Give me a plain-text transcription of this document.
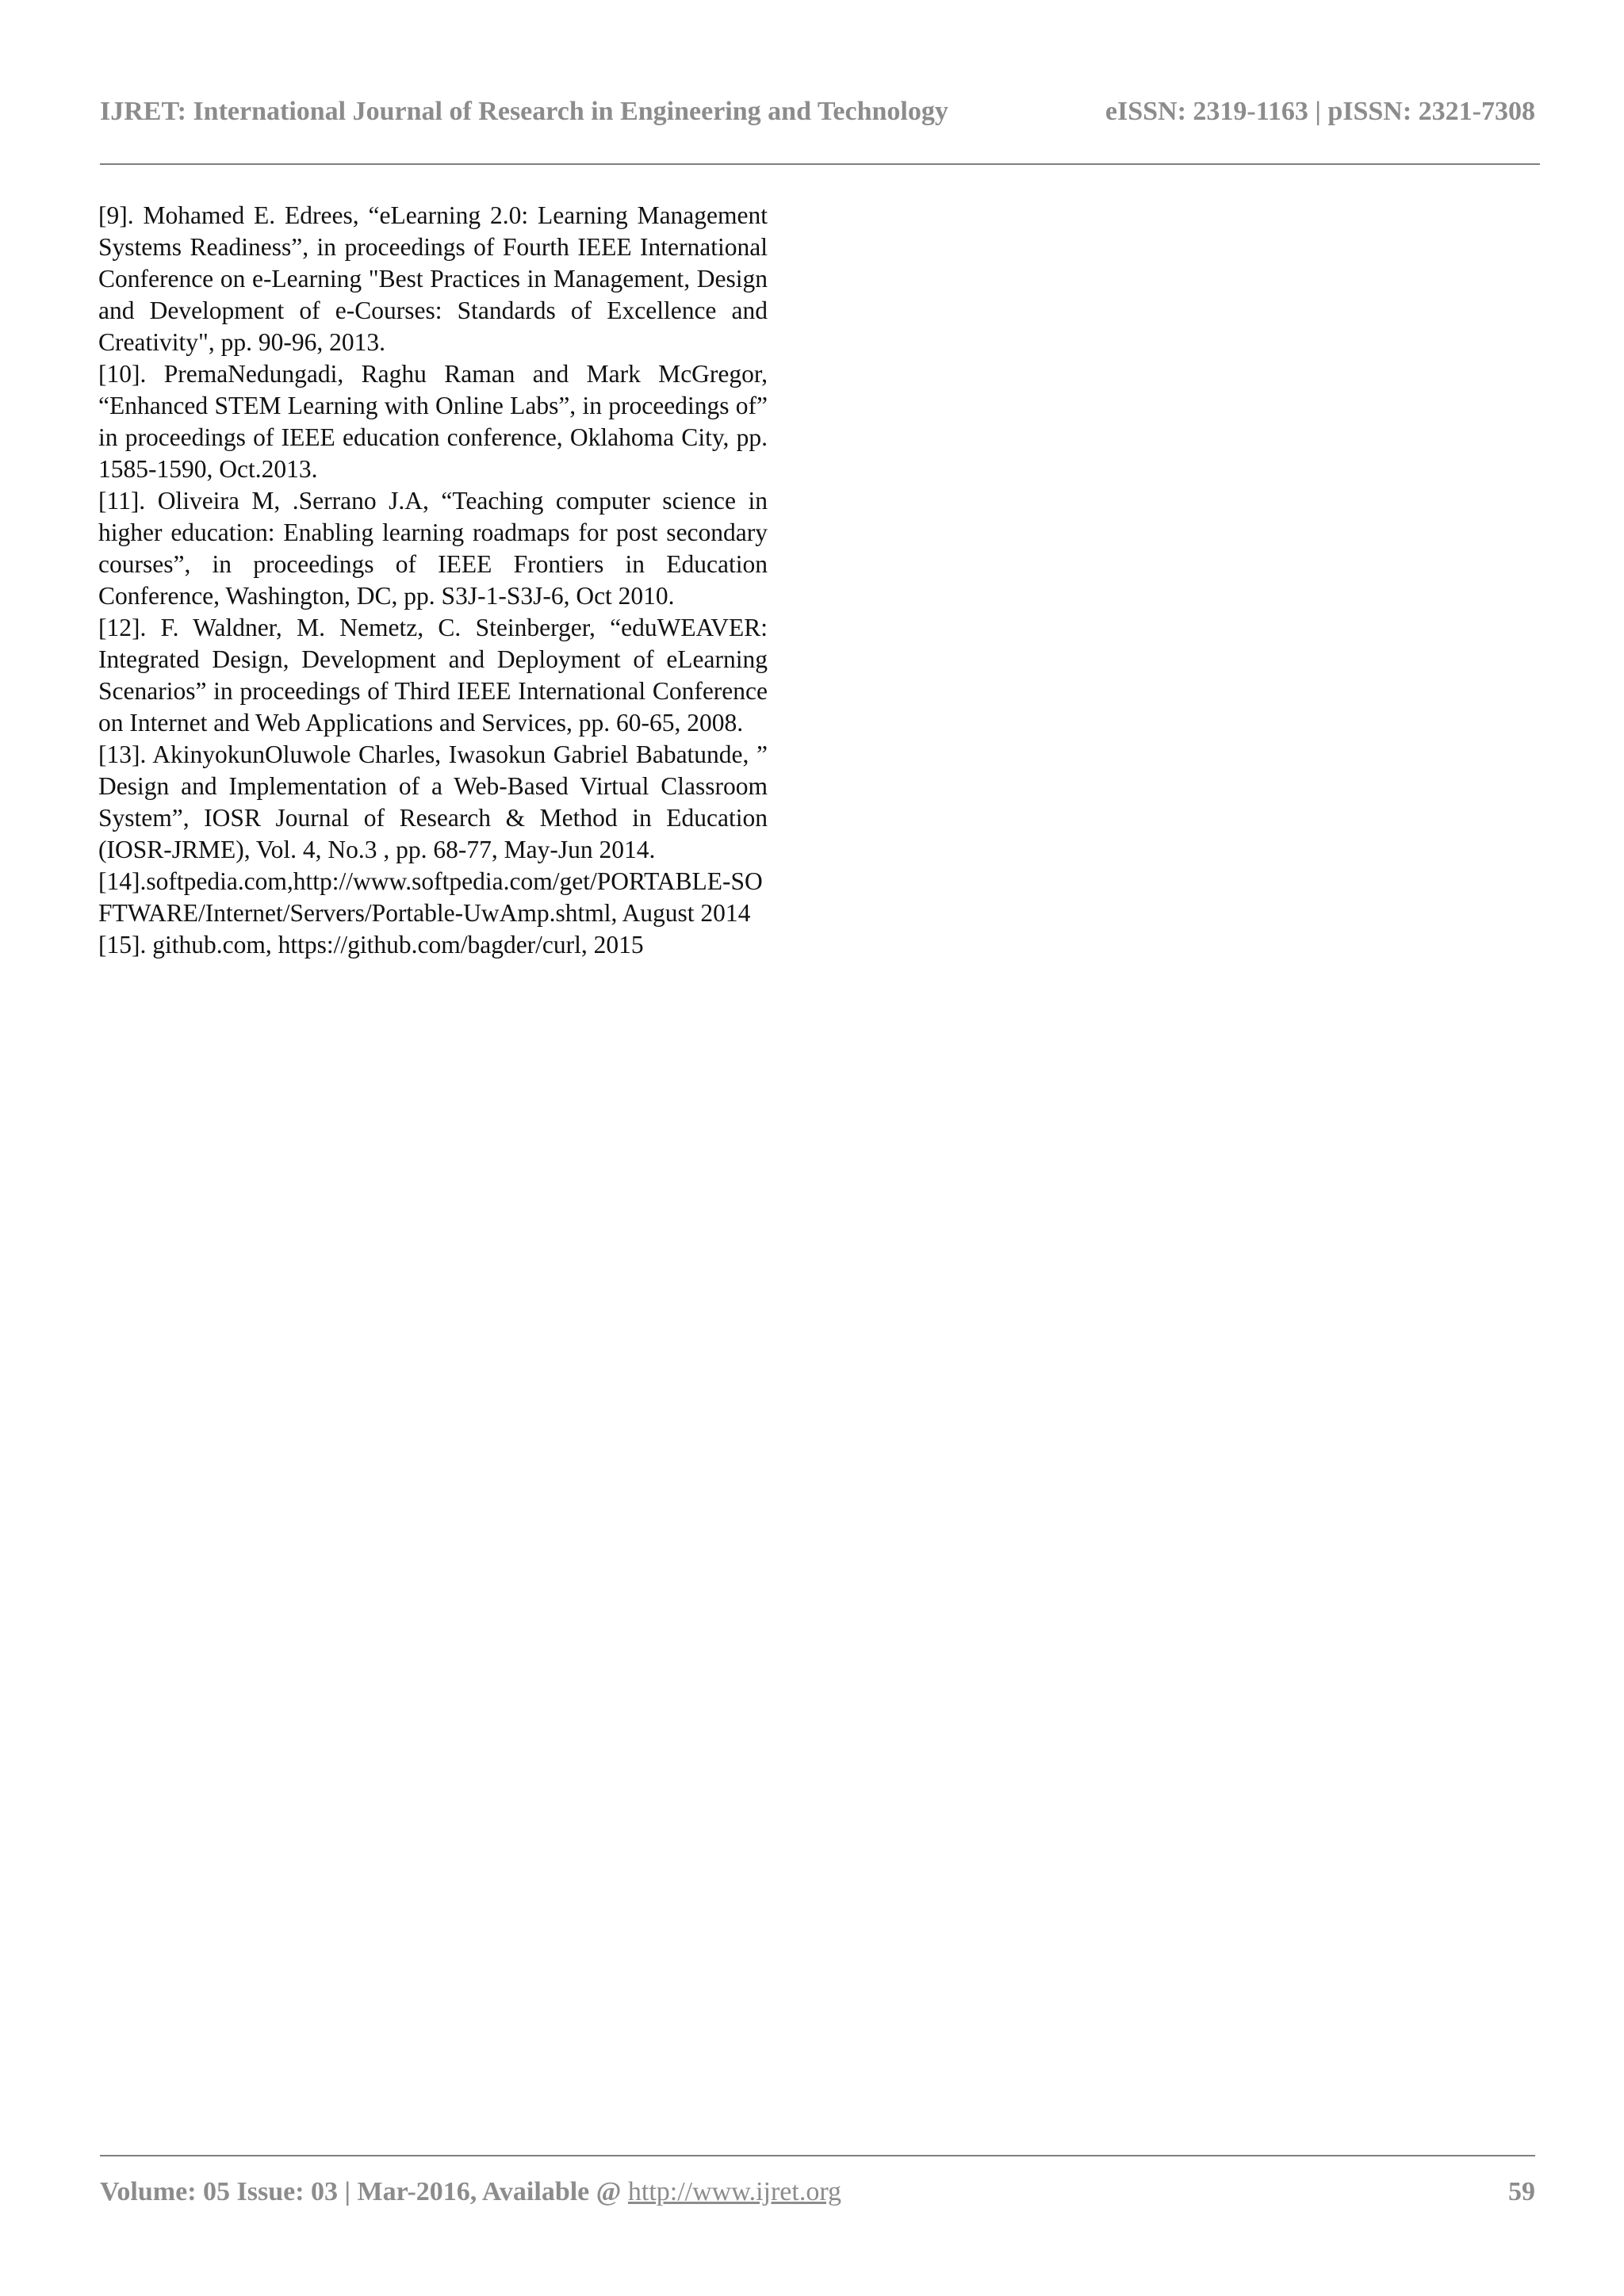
IJRET: International Journal of Research in Engineering and Technology	eISSN: 2319-1163 | pISSN: 2321-7308

[9]. Mohamed E. Edrees, “eLearning 2.0: Learning Management Systems Readiness”, in proceedings of Fourth IEEE International Conference on e-Learning "Best Practices in Management, Design and Development of e-Courses: Standards of Excellence and Creativity", pp. 90-96, 2013.

[10]. PremaNedungadi, Raghu Raman and Mark McGregor, “Enhanced STEM Learning with Online Labs”, in proceedings of” in proceedings of IEEE education conference, Oklahoma City, pp. 1585-1590, Oct.2013.

[11]. Oliveira M, .Serrano J.A, “Teaching computer science in higher education: Enabling learning roadmaps for post secondary courses”, in proceedings of IEEE Frontiers in Education Conference, Washington, DC, pp. S3J-1-S3J-6, Oct 2010.

[12]. F. Waldner, M. Nemetz, C. Steinberger, “eduWEAVER: Integrated Design, Development and Deployment of eLearning Scenarios” in proceedings of Third IEEE International Conference on Internet and Web Applications and Services, pp. 60-65, 2008.

[13]. AkinyokunOluwole Charles, Iwasokun Gabriel Babatunde, ” Design and Implementation of a Web-Based Virtual Classroom System”, IOSR Journal of Research & Method in Education (IOSR-JRME), Vol. 4, No.3 , pp. 68-77, May-Jun 2014.

[14].softpedia.com,http://www.softpedia.com/get/PORTABLE-SOFTWARE/Internet/Servers/Portable-UwAmp.shtml, August 2014

[15]. github.com, https://github.com/bagder/curl, 2015

Volume: 05 Issue: 03 | Mar-2016, Available @ http://www.ijret.org	59
